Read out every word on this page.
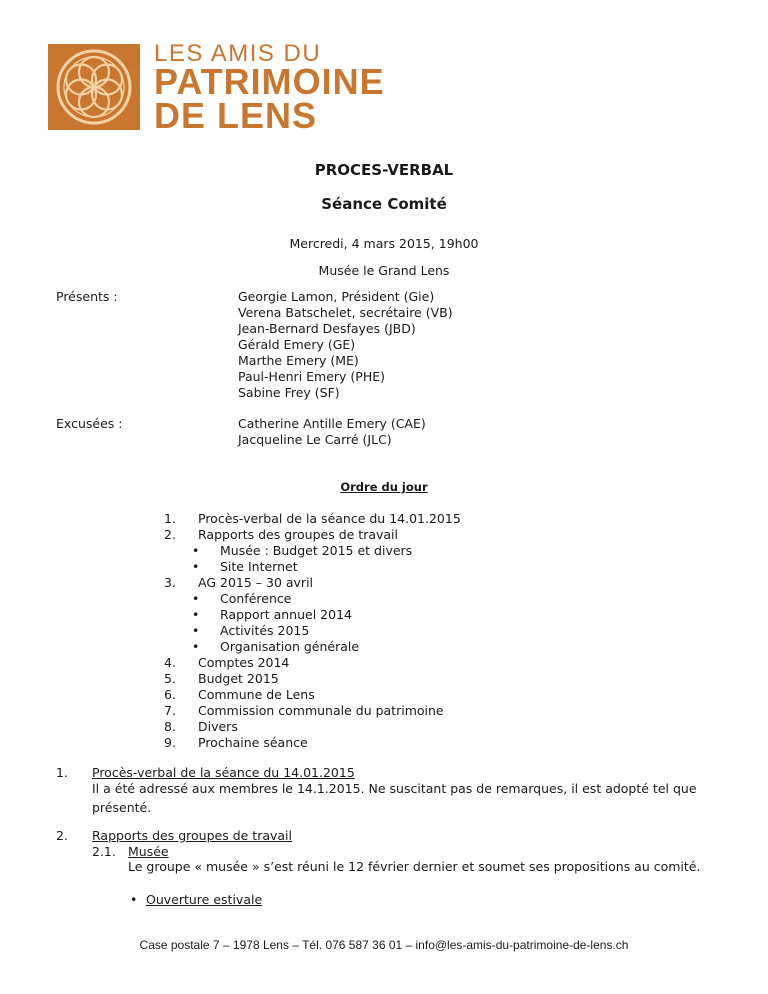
LES AMIS DU
PATRIMOINE
DE LENS
PROCES-VERBAL
Séance Comité
Mercredi, 4 mars 2015, 19h00
Musée le Grand Lens
Présents :	Georgie Lamon, Président (Gie)
Verena Batschelet, secrétaire (VB)
Jean-Bernard Desfayes (JBD)
Gérald Emery (GE)
Marthe Emery (ME)
Paul-Henri Emery (PHE)
Sabine Frey (SF)
Excusées :	Catherine Antille Emery (CAE)
Jacqueline Le Carré (JLC)
Ordre du jour
1.	Procès-verbal de la séance du 14.01.2015
2.	Rapports des groupes de travail
•	Musée : Budget 2015 et divers
•	Site Internet
3.	AG 2015 – 30 avril
•	Conférence
•	Rapport annuel 2014
•	Activités 2015
•	Organisation générale
4.	Comptes 2014
5.	Budget 2015
6.	Commune de Lens
7.	Commission communale du patrimoine
8.	Divers
9.	Prochaine séance
1. Procès-verbal de la séance du 14.01.2015
Il a été adressé aux membres le 14.1.2015. Ne suscitant pas de remarques, il est adopté tel que présenté.
2. Rapports des groupes de travail
2.1. Musée
Le groupe « musée » s’est réuni le 12 février dernier et soumet ses propositions au comité.
• Ouverture estivale
Case postale 7 – 1978 Lens – Tél. 076 587 36 01 – info@les-amis-du-patrimoine-de-lens.ch
